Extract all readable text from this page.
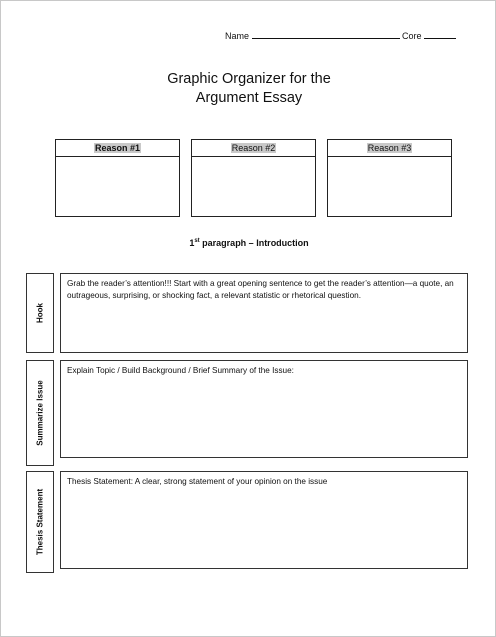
Name	Core
Graphic Organizer for the
Argument Essay
Reason #1	Reason #2	Reason #3
1st paragraph – Introduction
Hook
Grab the reader’s attention!!! Start with a great opening sentence to get the reader’s attention—a quote, an outrageous, surprising, or shocking fact, a relevant statistic or rhetorical question.
Summarize Issue
Explain Topic / Build Background / Brief Summary of the Issue:
Thesis Statement
Thesis Statement: A clear, strong statement of your opinion on the issue
